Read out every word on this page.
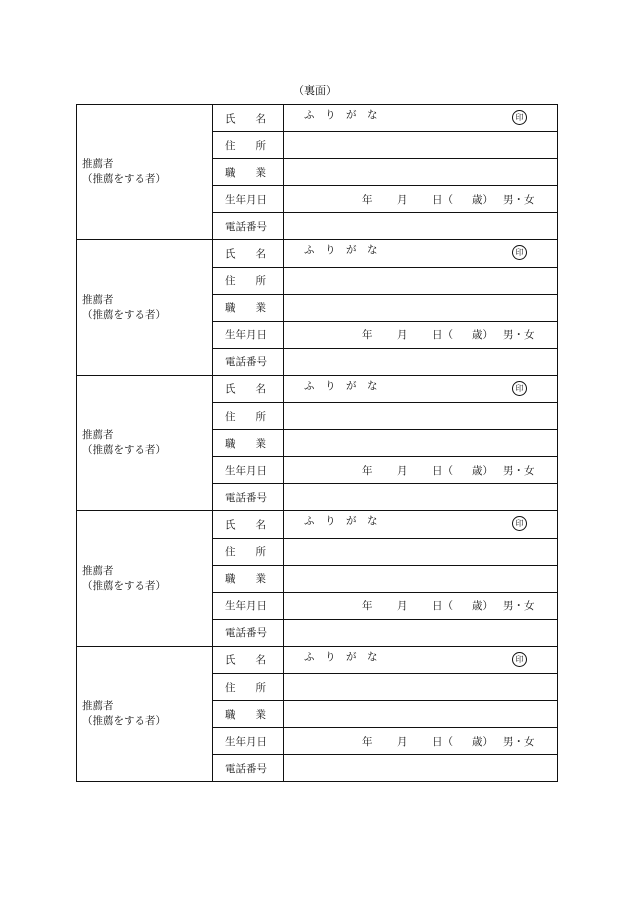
（裏面）
推薦者
（推薦をする者）	氏名	ふりがな 印

	住所	
	職業	
	生年月日	年 月 日（ 歳） 男・女

	電話番号	

推薦者
（推薦をする者）	氏名	ふりがな 印

	住所	
	職業	
	生年月日	年 月 日（ 歳） 男・女

	電話番号	

推薦者
（推薦をする者）	氏名	ふりがな 印

	住所	
	職業	
	生年月日	年 月 日（ 歳） 男・女

	電話番号	

推薦者
（推薦をする者）	氏名	ふりがな 印

	住所	
	職業	
	生年月日	年 月 日（ 歳） 男・女

	電話番号	

推薦者
（推薦をする者）	氏名	ふりがな 印

	住所	
	職業	
	生年月日	年 月 日（ 歳） 男・女

	電話番号	
